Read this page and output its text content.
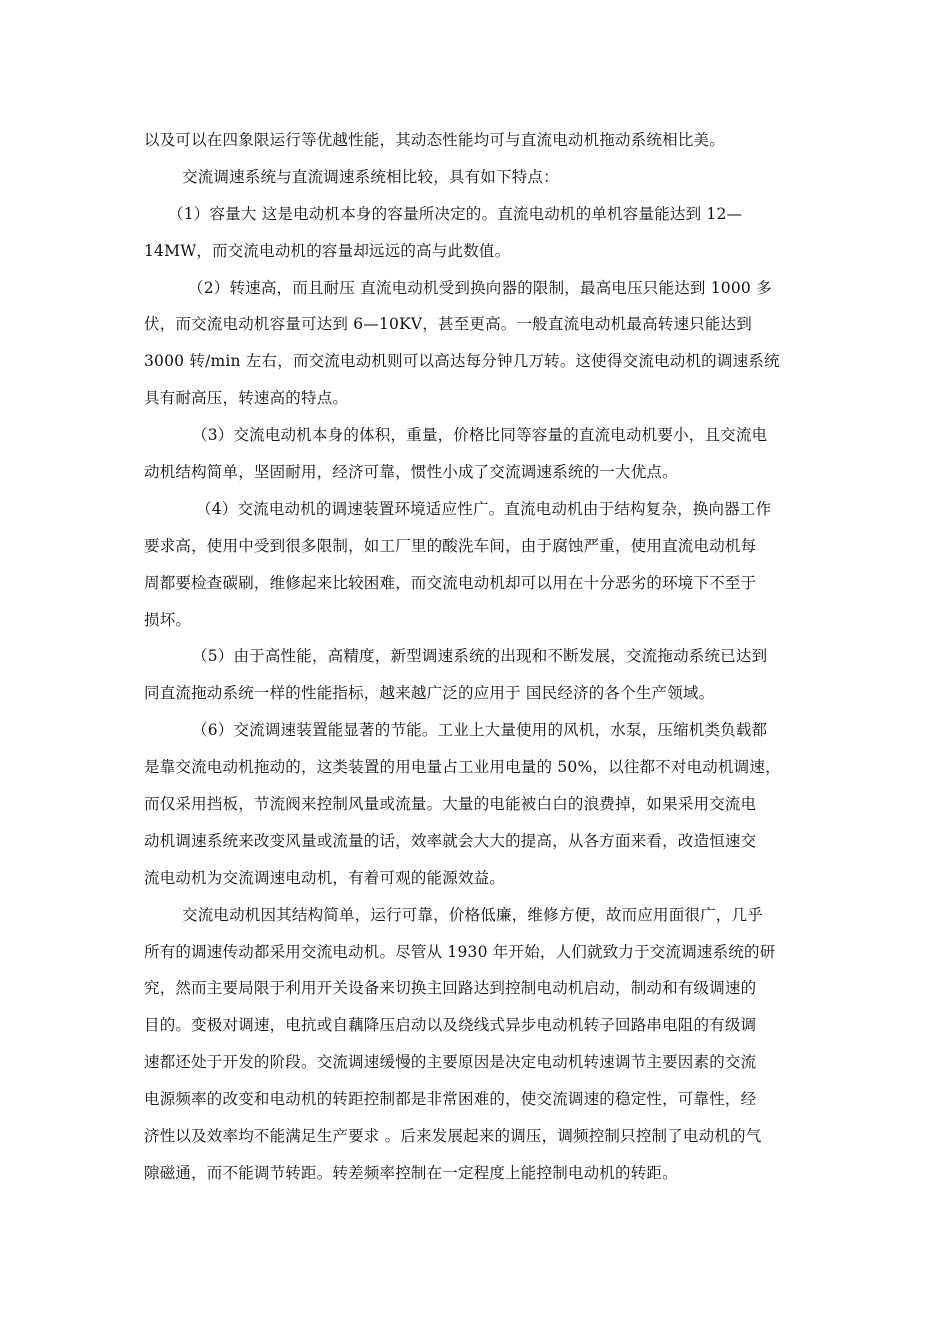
以及可以在四象限运行等优越性能，其动态性能均可与直流电动机拖动系统相比美。
交流调速系统与直流调速系统相比较，具有如下特点：
（1）容量大 这是电动机本身的容量所决定的。直流电动机的单机容量能达到 12—
14MW，而交流电动机的容量却远远的高与此数值。
（2）转速高，而且耐压 直流电动机受到换向器的限制，最高电压只能达到 1000 多
伏，而交流电动机容量可达到 6—10KV，甚至更高。一般直流电动机最高转速只能达到
3000 转/min 左右，而交流电动机则可以高达每分钟几万转。这使得交流电动机的调速系统
具有耐高压，转速高的特点。
（3）交流电动机本身的体积，重量，价格比同等容量的直流电动机要小，且交流电
动机结构简单，坚固耐用，经济可靠，惯性小成了交流调速系统的一大优点。
（4）交流电动机的调速装置环境适应性广。直流电动机由于结构复杂，换向器工作
要求高，使用中受到很多限制，如工厂里的酸洗车间，由于腐蚀严重，使用直流电动机每
周都要检查碳刷，维修起来比较困难，而交流电动机却可以用在十分恶劣的环境下不至于
损坏。
（5）由于高性能，高精度，新型调速系统的出现和不断发展，交流拖动系统已达到
同直流拖动系统一样的性能指标，越来越广泛的应用于 国民经济的各个生产领域。
（6）交流调速装置能显著的节能。工业上大量使用的风机，水泵，压缩机类负载都
是靠交流电动机拖动的，这类装置的用电量占工业用电量的 50%，以往都不对电动机调速，
而仅采用挡板，节流阀来控制风量或流量。大量的电能被白白的浪费掉，如果采用交流电
动机调速系统来改变风量或流量的话，效率就会大大的提高，从各方面来看，改造恒速交
流电动机为交流调速电动机，有着可观的能源效益。
交流电动机因其结构简单，运行可靠，价格低廉，维修方便，故而应用面很广，几乎
所有的调速传动都采用交流电动机。尽管从 1930 年开始，人们就致力于交流调速系统的研
究，然而主要局限于利用开关设备来切换主回路达到控制电动机启动，制动和有级调速的
目的。变极对调速，电抗或自藕降压启动以及绕线式异步电动机转子回路串电阻的有级调
速都还处于开发的阶段。交流调速缓慢的主要原因是决定电动机转速调节主要因素的交流
电源频率的改变和电动机的转距控制都是非常困难的，使交流调速的稳定性，可靠性，经
济性以及效率均不能满足生产要求 。后来发展起来的调压，调频控制只控制了电动机的气
隙磁通，而不能调节转距。转差频率控制在一定程度上能控制电动机的转距。
